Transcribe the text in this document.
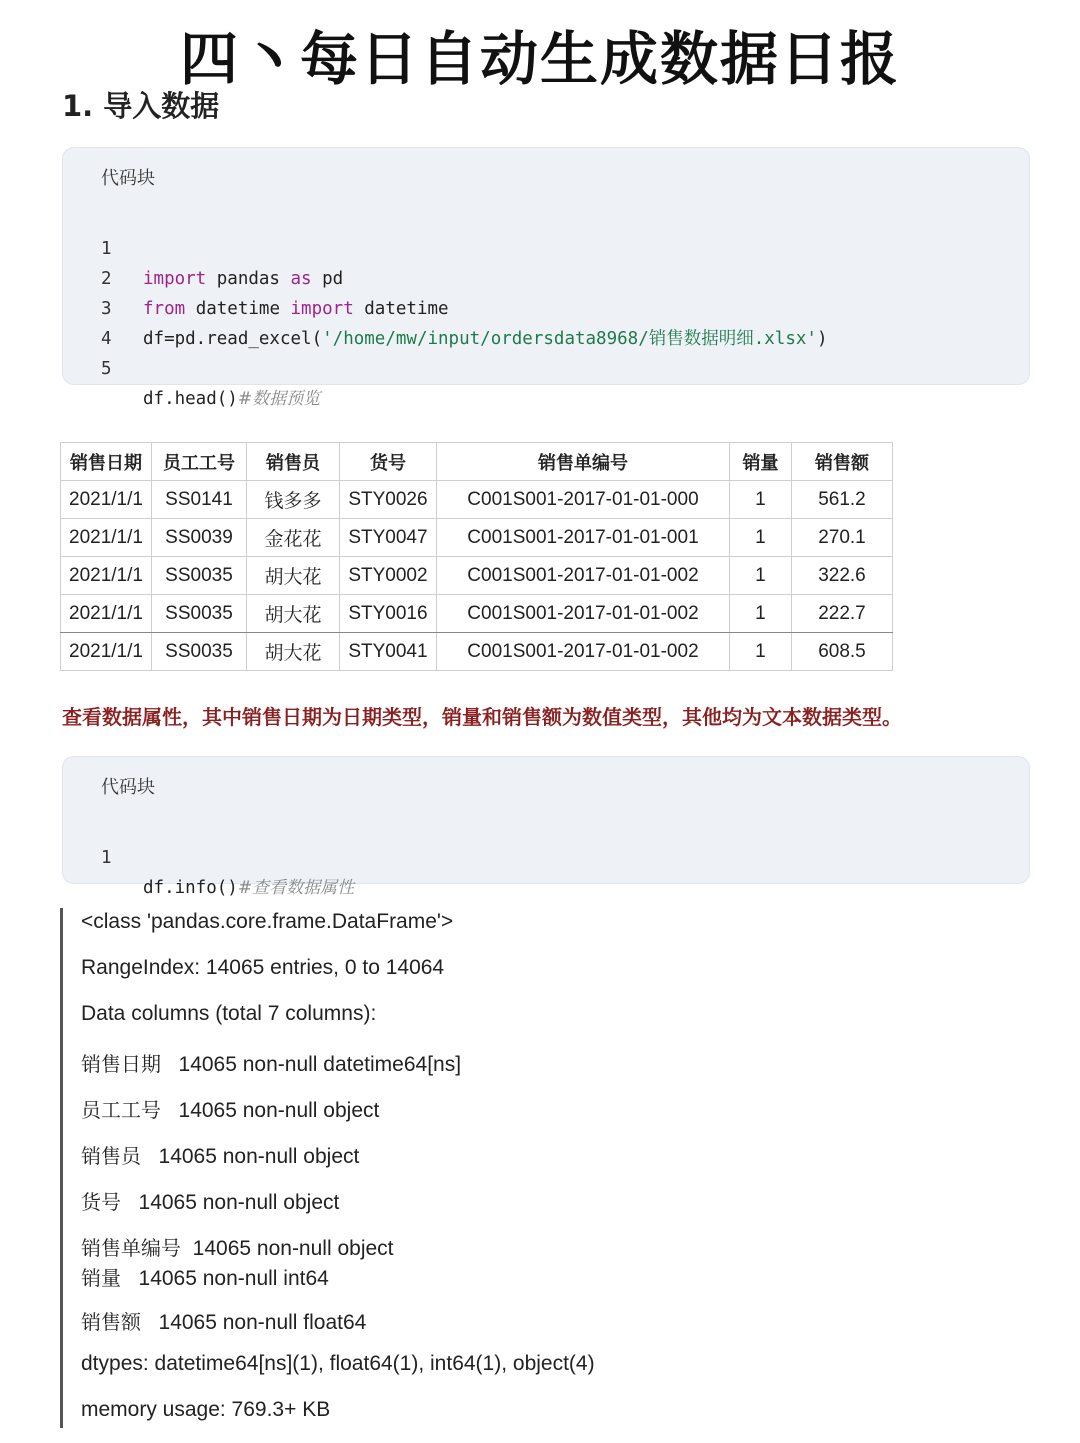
四丶每日自动生成数据日报
1. 导入数据
代码块

1

import pandas as pd

2

from datetime import datetime

3

df=pd.read_excel('/home/mw/input/ordersdata8968/销售数据明细.xlsx')

4

5

df.head()#数据预览

销售日期	员工工号	销售员	货号	销售单编号	销量	销售额
2021/1/1	SS0141	钱多多	STY0026	C001S001-2017-01-01-000	1	561.2
2021/1/1	SS0039	金花花	STY0047	C001S001-2017-01-01-001	1	270.1
2021/1/1	SS0035	胡大花	STY0002	C001S001-2017-01-01-002	1	322.6
2021/1/1	SS0035	胡大花	STY0016	C001S001-2017-01-01-002	1	222.7
2021/1/1	SS0035	胡大花	STY0041	C001S001-2017-01-01-002	1	608.5
查看数据属性，其中销售日期为日期类型，销量和销售额为数值类型，其他均为文本数据类型。
代码块

1

df.info()#查看数据属性

<class 'pandas.core.frame.DataFrame'>
RangeIndex: 14065 entries, 0 to 14064
Data columns (total 7 columns):
销售日期 14065 non-null datetime64[ns]
员工工号 14065 non-null object
销售员 14065 non-null object
货号 14065 non-null object
销售单编号 14065 non-null object
销量 14065 non-null int64
销售额 14065 non-null float64
dtypes: datetime64[ns](1), float64(1), int64(1), object(4)
memory usage: 769.3+ KB
